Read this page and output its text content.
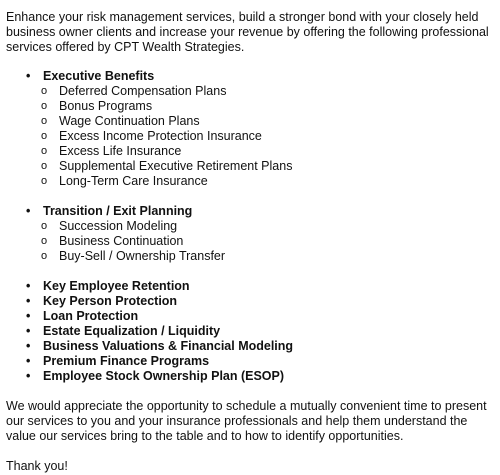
Enhance your risk management services, build a stronger bond with your closely held business owner clients and increase your revenue by offering the following professional services offered by CPT Wealth Strategies.

• Executive Benefits
o Deferred Compensation Plans
o Bonus Programs
o Wage Continuation Plans
o Excess Income Protection Insurance
o Excess Life Insurance
o Supplemental Executive Retirement Plans
o Long-Term Care Insurance
• Transition / Exit Planning
o Succession Modeling
o Business Continuation
o Buy-Sell / Ownership Transfer
• Key Employee Retention
• Key Person Protection
• Loan Protection
• Estate Equalization / Liquidity
• Business Valuations & Financial Modeling
• Premium Finance Programs
• Employee Stock Ownership Plan (ESOP)

We would appreciate the opportunity to schedule a mutually convenient time to present our services to you and your insurance professionals and help them understand the value our services bring to the table and to how to identify opportunities.

Thank you!
